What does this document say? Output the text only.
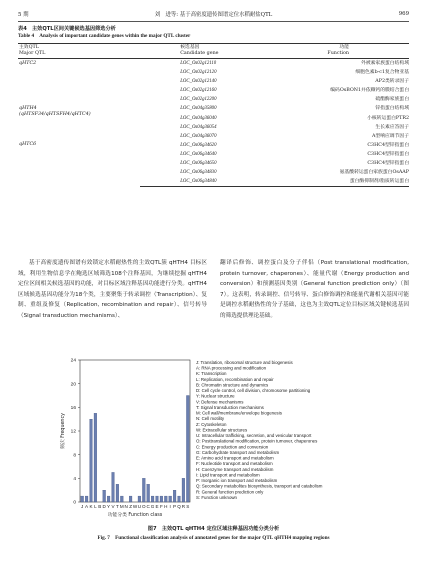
5 期	刘　进等: 基于高密度遗传图谱定位水稻耐盐QTL	969
表4　主效QTL区间关键候选基因筛选分析
Table 4　Analysis of important candidate genes within the major QTL cluster
主效QTL	候选基因	功能
Major QTL	Candidate gene	Function
qHTC2	LOC_Os02g12110	外被素家族蛋白结构域
	LOC_Os02g12120	细胞色素b-c1复合物亚基
	LOC_Os02g12140	AP2类转录因子
	LOC_Os02g12160	编码OsBON1并依赖钙的膜结合蛋白
	LOC_Os02g12200	硫酯酶家族蛋白
qHTH4
(qHTSF34/qHTSFH4/qHTC4)	LOC_Os04g35800	锌指蛋白结构域
	LOC_Os04g36040	小核转运蛋白PTR2
	LOC_Os04g36054	生长素应答因子
	LOC_Os04g36070	A型响应调节因子
qHTC6	LOC_Os06g34620	C3HC4型锌指蛋白
	LOC_Os06g34640	C3HC4型锌指蛋白
	LOC_Os06g34650	C3HC4型锌指蛋白
	LOC_Os06g34830	氨基酸转运蛋白家族蛋白OsAAP
	LOC_Os06g34840	蛋白酶抑制剂/脂质转运蛋白
基于高密度遗传图谱有效锁定水稻耐热性的主效QTL簇 qHTH4 目标区域，利用生物信息学在鲍选区域筛选108个注释基因，为继续挖掘 qHTH4 定位区间相关候选基因的功能，对目标区域注释基因功能进行分类。qHTH4 区域候选基因功能分为18个类，主要聚集于转录调控（Transcription）、复制、重组及修复（Replication, recombination and repair）、信号转导（Signal transduction mechanisms）、
翻译后修饰、调控蛋白及分子伴侣（Post translational modification, protein turnover, chaperones）、能量代谢（Energy production and conversion）和预测基因类别（General function prediction only）（图7）。这表明，转录调控、信号转导、蛋白修饰调控和能量代谢相关基因可能是调控水稻耐热性的分子基础，这也为主效QTL定位目标区域关键候选基因的筛选提供理论基础。
0
4
8
12
16
20
24
J A K L B D Y V T M N Z W U O C G E F H I P Q R S
功能分类 Function class
频次 Frequency
J: Translation, ribosomal structure and biogenesis
A: RNA processing and modification
K: Transcription
L: Replication, recombination and repair
B: Chromatin structure and dynamics
D: Cell cycle control, cell division, chromosome partitioning
Y: Nuclear structure
V: Defense mechanisms
T: Signal transduction mechanisms
M: Cell wall/membrane/envelope biogenesis
N: Cell motility
Z: Cytoskeleton
W: Extracellular structures
U: Intracellular trafficking, secretion, and vesicular transport
O: Posttranslational modification, protein turnover, chaperones
C: Energy production and conversion
G: Carbohydrate transport and metabolism
E: Amino acid transport and metabolism
F: Nucleotide transport and metabolism
H: Coenzyme transport and metabolism
I: Lipid transport and metabolism
P: Inorganic ion transport and metabolism
Q: Secondary metabolites biosynthesis, transport and catabolism
R: General function prediction only
S: Function unknown
图7　主效QTL qHTH4 定位区域注释基因功能分类分析
Fig. 7　Functional classification analysis of annotated genes for the major QTL qHTH4 mapping regions
